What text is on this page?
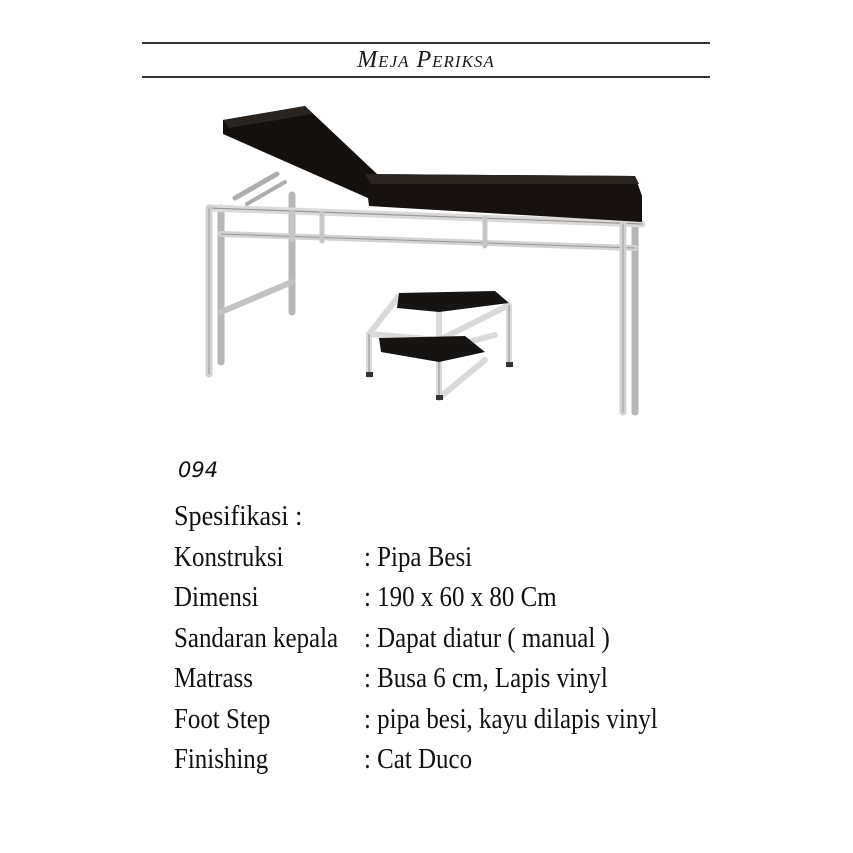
Meja Periksa
094
Spesifikasi :
Konstruksi	: Pipa Besi
Dimensi	: 190 x 60 x 80 Cm
Sandaran kepala : Dapat diatur ( manual )
Matrass	: Busa 6 cm, Lapis vinyl
Foot Step	: pipa besi, kayu dilapis vinyl
Finishing	: Cat Duco
